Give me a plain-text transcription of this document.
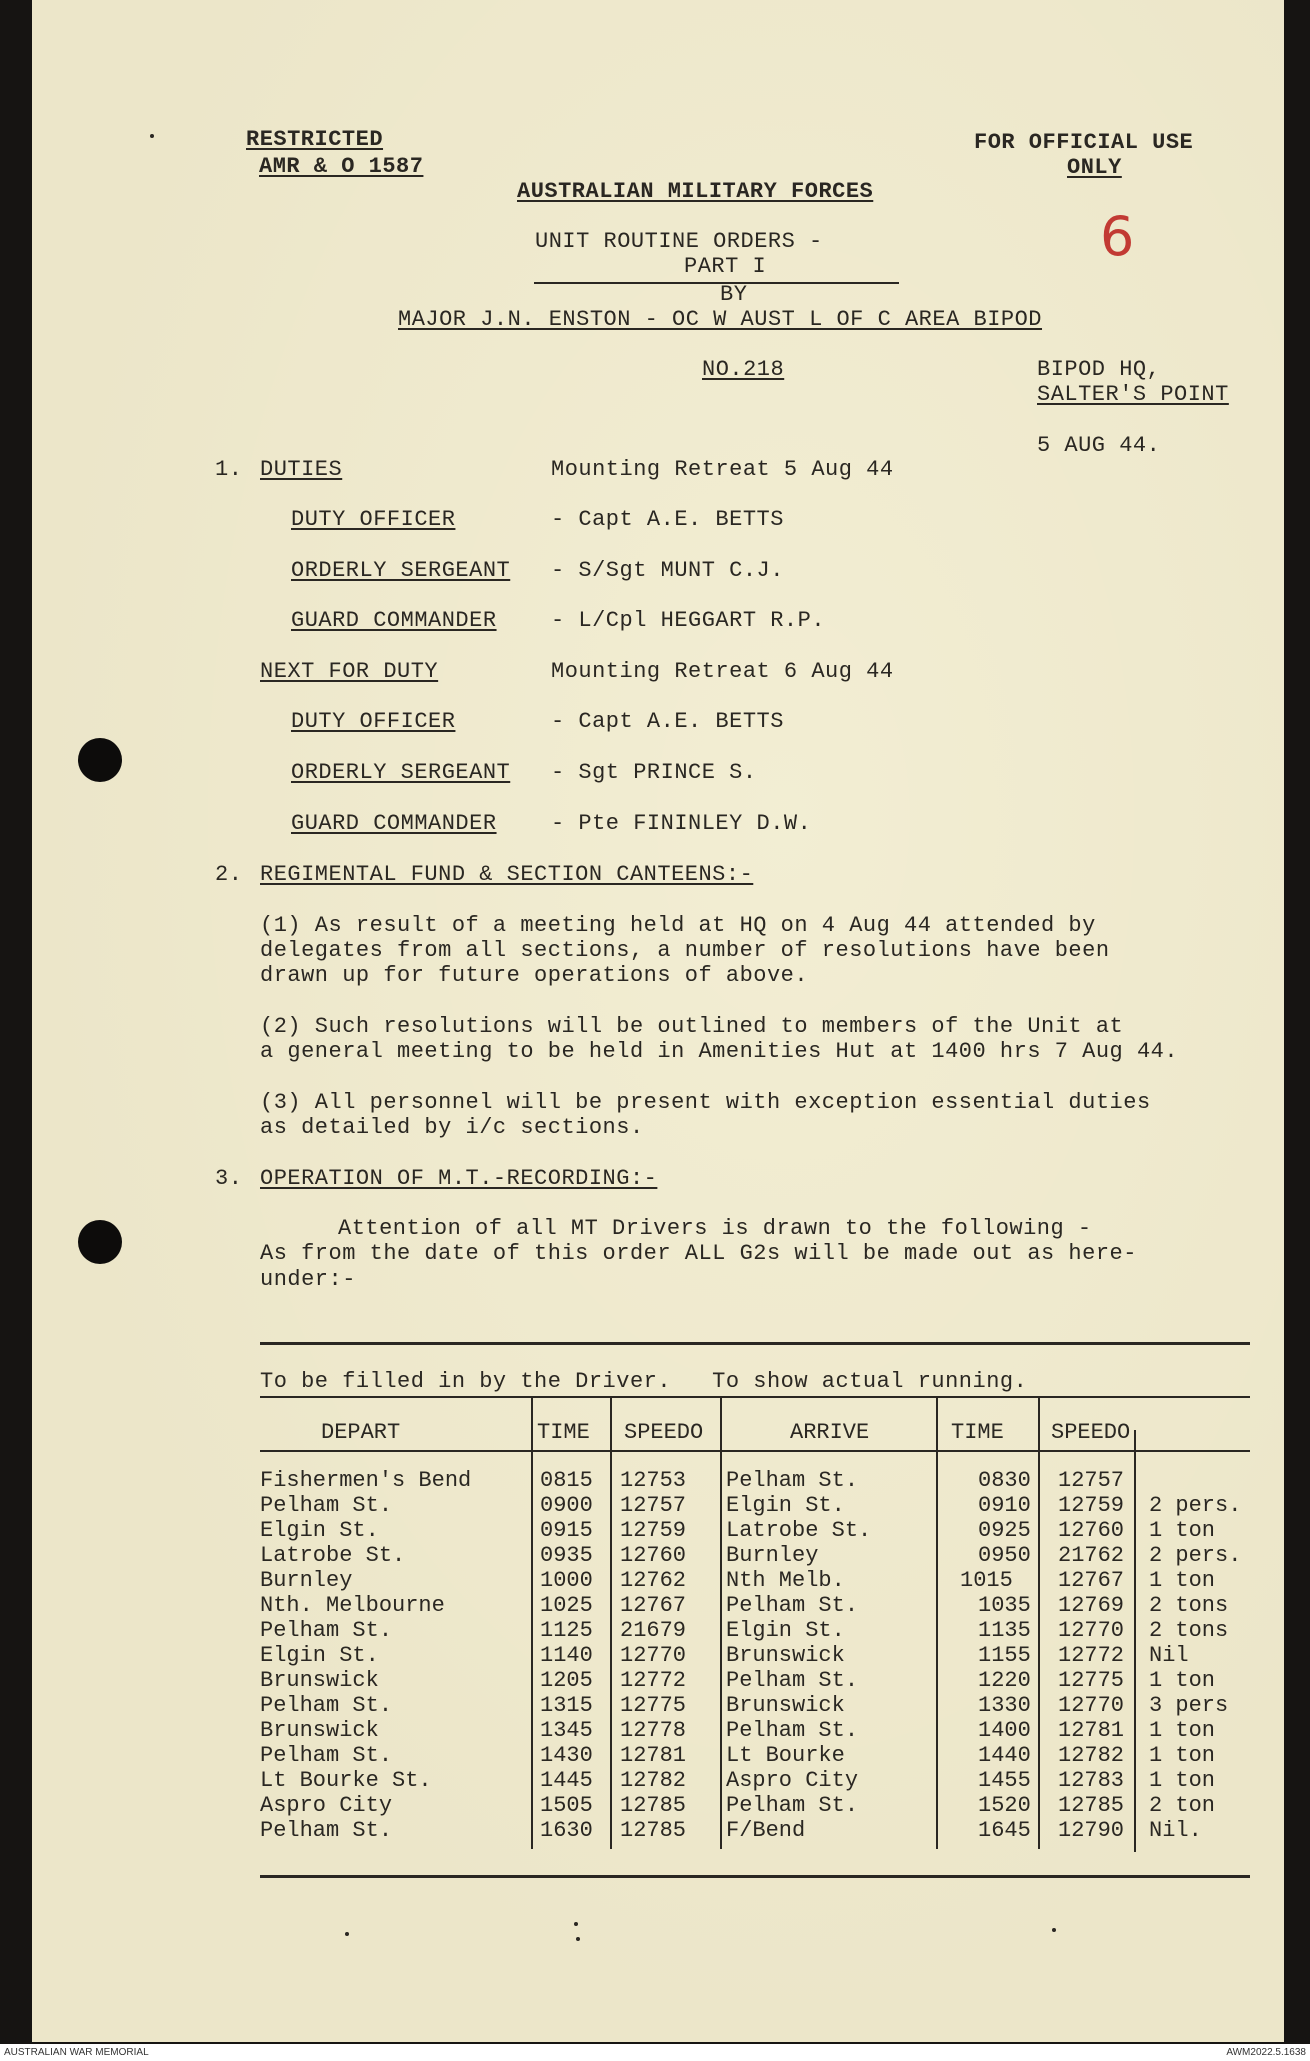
RESTRICTED
AMR & O 1587
FOR OFFICIAL USE
ONLY
AUSTRALIAN MILITARY FORCES
6
UNIT ROUTINE ORDERS -
PART I
BY
MAJOR J.N. ENSTON - OC W AUST L OF C AREA BIPOD
NO.218	BIPOD HQ,
SALTER'S POINT
5 AUG 44.
1. DUTIES	Mounting Retreat 5 Aug 44
DUTY OFFICER	- Capt A.E. BETTS
ORDERLY SERGEANT - S/Sgt MUNT C.J.
GUARD COMMANDER - L/Cpl HEGGART R.P.
NEXT FOR DUTY	Mounting Retreat 6 Aug 44
DUTY OFFICER	- Capt A.E. BETTS
ORDERLY SERGEANT - Sgt PRINCE S.
GUARD COMMANDER - Pte FININLEY D.W.
2. REGIMENTAL FUND & SECTION CANTEENS:-
(1) As result of a meeting held at HQ on 4 Aug 44 attended by
delegates from all sections, a number of resolutions have been
drawn up for future operations of above.
(2) Such resolutions will be outlined to members of the Unit at
a general meeting to be held in Amenities Hut at 1400 hrs 7 Aug 44.
(3) All personnel will be present with exception essential duties
as detailed by i/c sections.
3. OPERATION OF M.T.-RECORDING:-
Attention of all MT Drivers is drawn to the following -
As from the date of this order ALL G2s will be made out as here-
under:-
To be filled in by the Driver.   To show actual running.
DEPART	TIME SPEEDO	ARRIVE	TIME SPEEDO
Fishermen's Bend	0815 12753 Pelham St.	0830 12757
Pelham St.	0900 12757 Elgin St.	0910 12759 2 pers.
Elgin St.	0915 12759 Latrobe St.	0925 12760 1 ton
Latrobe St.	0935 12760 Burnley	0950 21762 2 pers.
Burnley	1000 12762 Nth Melb.	1015 12767 1 ton
Nth. Melbourne	1025 12767 Pelham St.	1035 12769 2 tons
Pelham St.	1125 21679 Elgin St.	1135 12770 2 tons
Elgin St.	1140 12770 Brunswick	1155 12772 Nil
Brunswick	1205 12772 Pelham St.	1220 12775 1 ton
Pelham St.	1315 12775 Brunswick	1330 12770 3 pers
Brunswick	1345 12778 Pelham St.	1400 12781 1 ton
Pelham St.	1430 12781 Lt Bourke	1440 12782 1 ton
Lt Bourke St.	1445 12782 Aspro City	1455 12783 1 ton
Aspro City	1505 12785 Pelham St.	1520 12785 2 ton
Pelham St.	1630 12785 F/Bend	1645 12790 Nil.
AUSTRALIAN WAR MEMORIAL	AWM2022.5.1638
